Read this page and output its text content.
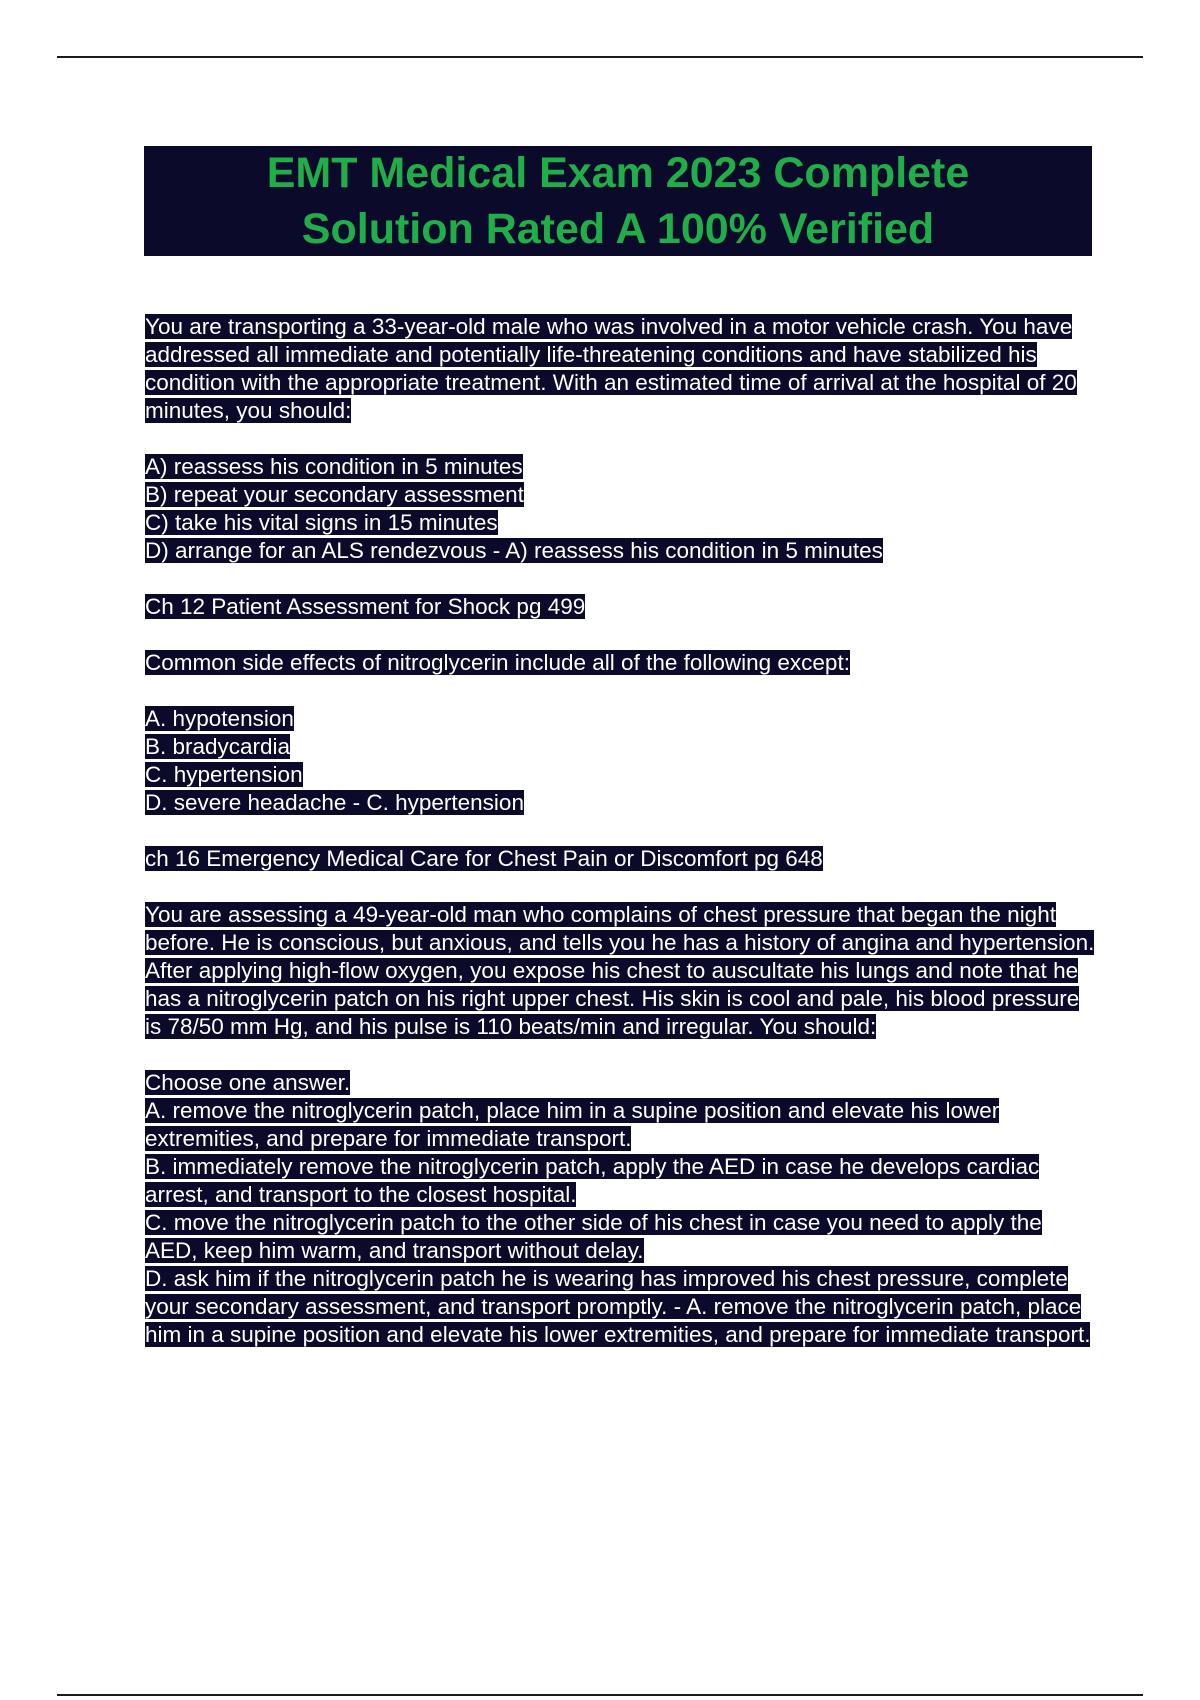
EMT Medical Exam 2023 Complete
Solution Rated A 100% Verified

You are transporting a 33-year-old male who was involved in a motor vehicle crash. You have addressed all immediate and potentially life-threatening conditions and have stabilized his condition with the appropriate treatment. With an estimated time of arrival at the hospital of 20 minutes, you should:

A) reassess his condition in 5 minutes
B) repeat your secondary assessment
C) take his vital signs in 15 minutes
D) arrange for an ALS rendezvous - A) reassess his condition in 5 minutes

Ch 12 Patient Assessment for Shock pg 499

Common side effects of nitroglycerin include all of the following except:

A. hypotension
B. bradycardia
C. hypertension
D. severe headache - C. hypertension

ch 16 Emergency Medical Care for Chest Pain or Discomfort pg 648

You are assessing a 49-year-old man who complains of chest pressure that began the night before. He is conscious, but anxious, and tells you he has a history of angina and hypertension. After applying high-flow oxygen, you expose his chest to auscultate his lungs and note that he has a nitroglycerin patch on his right upper chest. His skin is cool and pale, his blood pressure is 78/50 mm Hg, and his pulse is 110 beats/min and irregular. You should:

Choose one answer.
A. remove the nitroglycerin patch, place him in a supine position and elevate his lower extremities, and prepare for immediate transport.
B. immediately remove the nitroglycerin patch, apply the AED in case he develops cardiac arrest, and transport to the closest hospital.
C. move the nitroglycerin patch to the other side of his chest in case you need to apply the AED, keep him warm, and transport without delay.
D. ask him if the nitroglycerin patch he is wearing has improved his chest pressure, complete your secondary assessment, and transport promptly. - A. remove the nitroglycerin patch, place him in a supine position and elevate his lower extremities, and prepare for immediate transport.
